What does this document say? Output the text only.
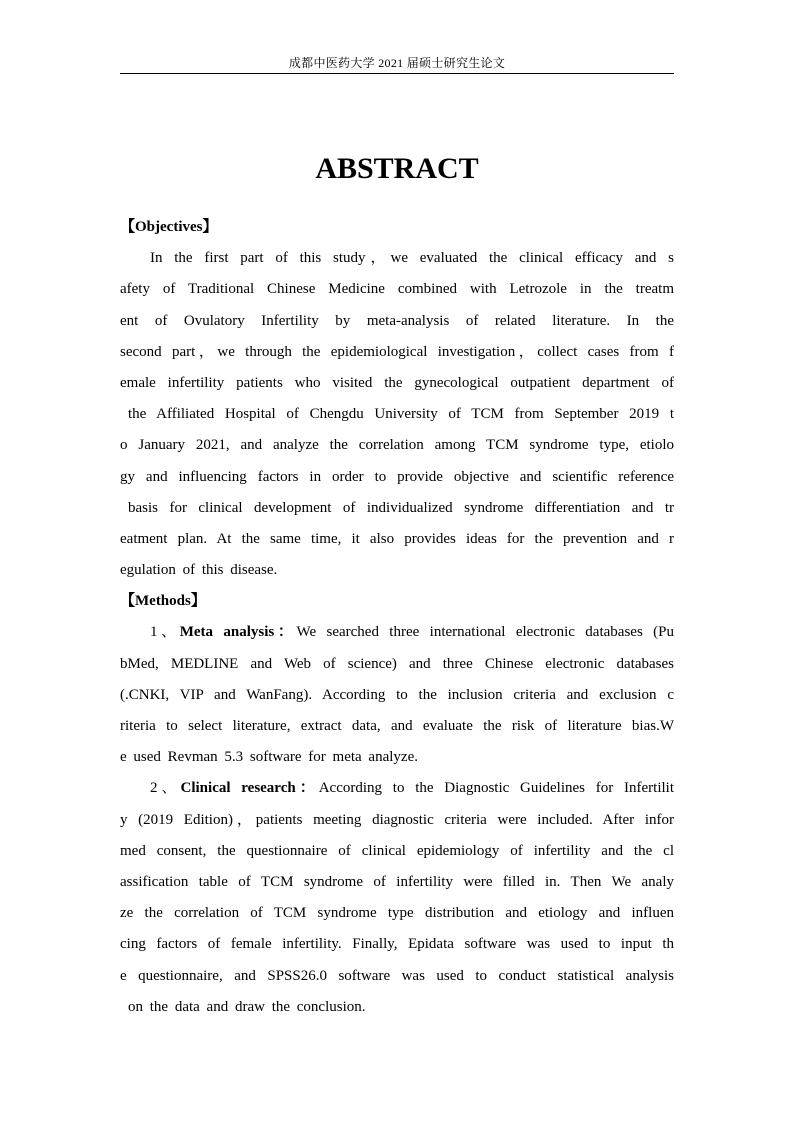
成都中医药大学 2021 届硕士研究生论文
ABSTRACT
【Objectives】
In the first part of this study，we evaluated the clinical efficacy and s
afety of Traditional Chinese Medicine combined with Letrozole in the treatm
ent of Ovulatory Infertility by meta-analysis of related literature. In the
second part，we through the epidemiological investigation，collect cases from f
emale infertility patients who visited the gynecological outpatient department of
the Affiliated Hospital of Chengdu University of TCM from September 2019 t
o January 2021, and analyze the correlation among TCM syndrome type, etiolo
gy and influencing factors in order to provide objective and scientific reference
basis for clinical development of individualized syndrome differentiation and tr
eatment plan. At the same time, it also provides ideas for the prevention and r
egulation of this disease.
【Methods】
1、Meta analysis：We searched three international electronic databases (Pu
bMed, MEDLINE and Web of science) and three Chinese electronic databases
(.CNKI, VIP and WanFang). According to the inclusion criteria and exclusion c
riteria to select literature, extract data, and evaluate the risk of literature bias.W
e used Revman 5.3 software for meta analyze.
2、Clinical research：According to the Diagnostic Guidelines for Infertilit
y (2019 Edition)，patients meeting diagnostic criteria were included. After infor
med consent, the questionnaire of clinical epidemiology of infertility and the cl
assification table of TCM syndrome of infertility were filled in. Then We analy
ze the correlation of TCM syndrome type distribution and etiology and influen
cing factors of female infertility. Finally, Epidata software was used to input th
e questionnaire, and SPSS26.0 software was used to conduct statistical analysis
on the data and draw the conclusion.
